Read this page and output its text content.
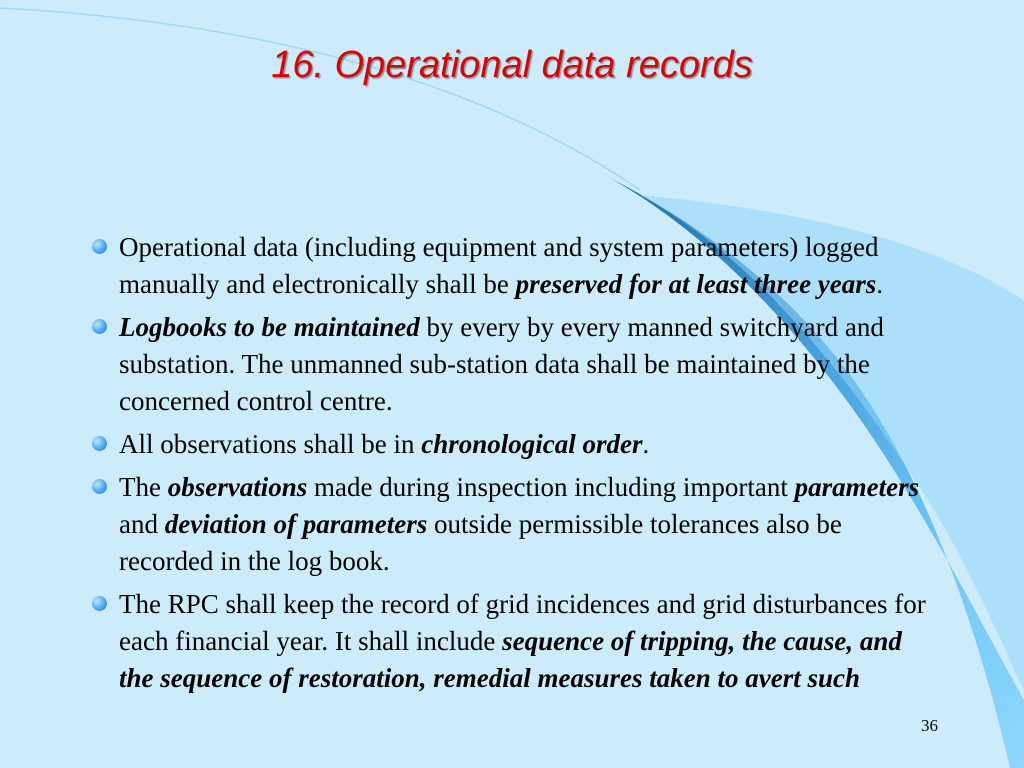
16. Operational data records
Operational data (including equipment and system parameters) logged manually and electronically shall be preserved for at least three years.
Logbooks to be maintained by every by every manned switchyard and substation. The unmanned sub-station data shall be maintained by the concerned control centre.
All observations shall be in chronological order.
The observations made during inspection including important parameters and deviation of parameters outside permissible tolerances also be recorded in the log book.
The RPC shall keep the record of grid incidences and grid disturbances for each financial year. It shall include sequence of tripping, the cause, and the sequence of restoration, remedial measures taken to avert such
36
